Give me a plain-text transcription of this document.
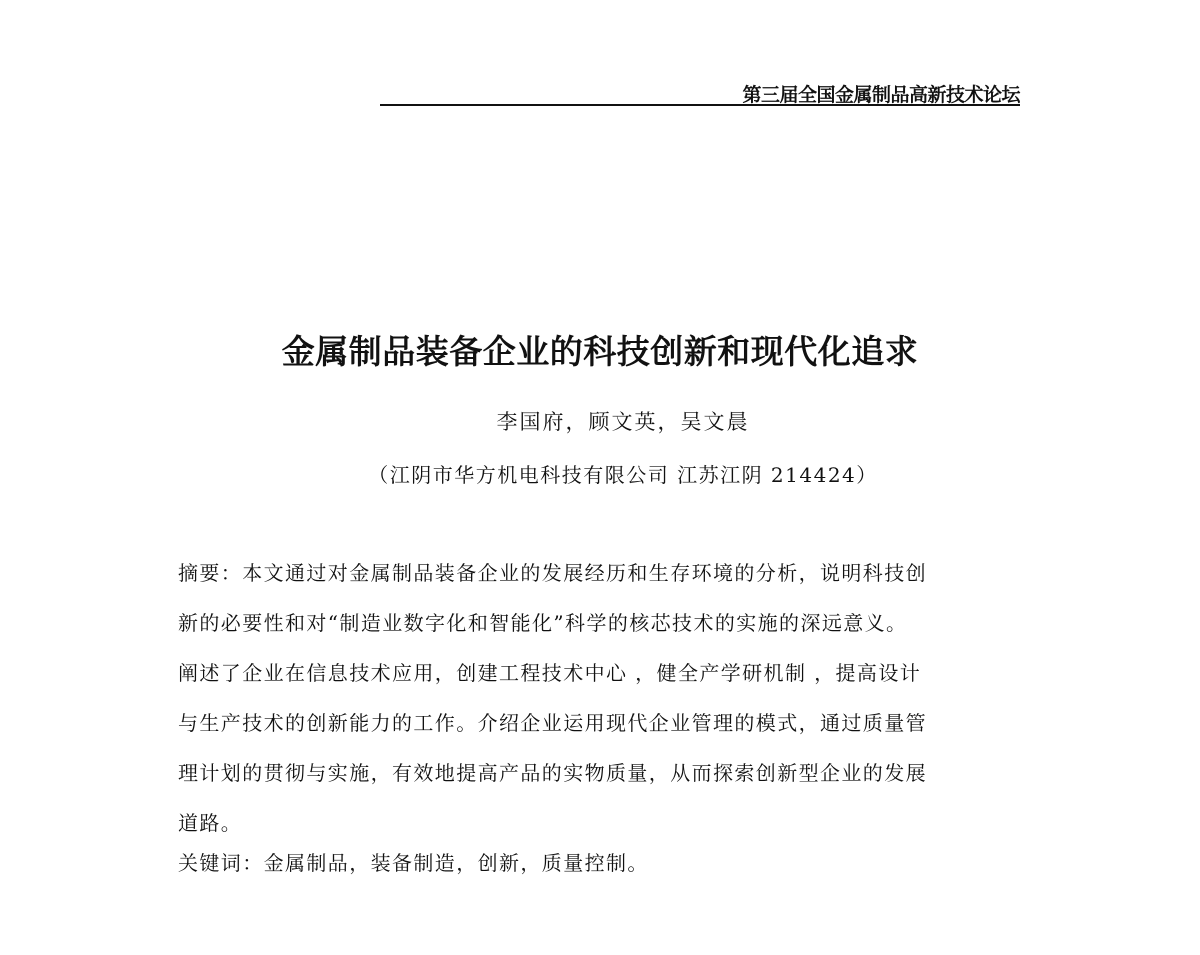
第三届全国金属制品高新技术论坛
金属制品装备企业的科技创新和现代化追求
李国府，顾文英，吴文晨
（江阴市华方机电科技有限公司 江苏江阴 214424）
摘要：本文通过对金属制品装备企业的发展经历和生存环境的分析，说明科技创
新的必要性和对“制造业数字化和智能化”科学的核芯技术的实施的深远意义。
阐述了企业在信息技术应用，创建工程技术中心 ，健全产学研机制 ，提高设计
与生产技术的创新能力的工作。介绍企业运用现代企业管理的模式，通过质量管
理计划的贯彻与实施，有效地提高产品的实物质量，从而探索创新型企业的发展
道路。
关键词：金属制品，装备制造，创新，质量控制。
